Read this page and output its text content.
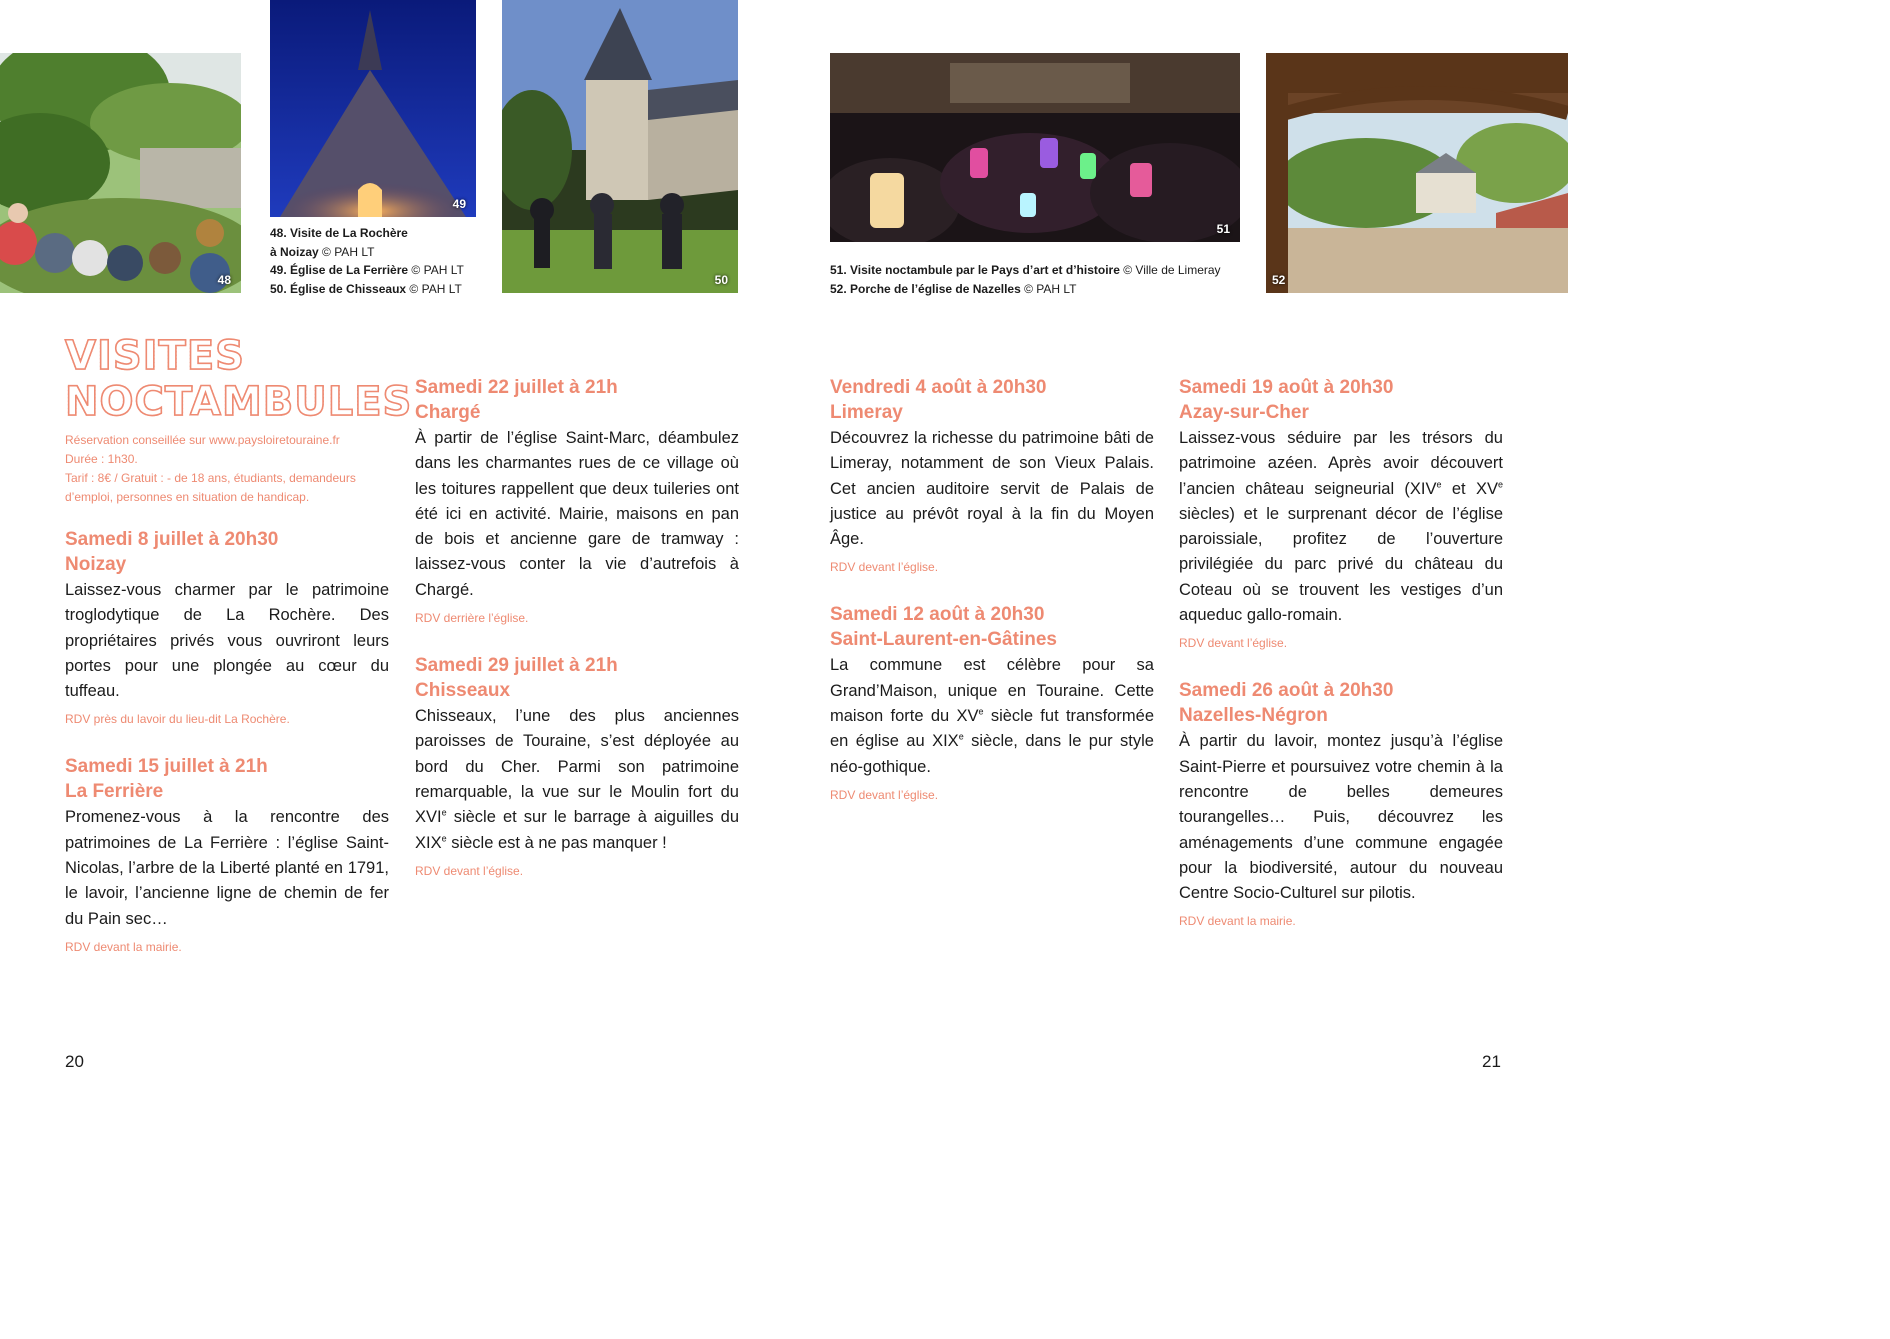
48
49
50
51
52
48. Visite de La Rochère
à Noizay © PAH LT
49. Église de La Ferrière © PAH LT
50. Église de Chisseaux © PAH LT
51. Visite noctambule par le Pays d’art et d’histoire © Ville de Limeray
52. Porche de l’église de Nazelles © PAH LT
VISITES
NOCTAMBULES
Réservation conseillée sur www.paysloiretouraine.fr
Durée : 1h30.
Tarif : 8€ / Gratuit : - de 18 ans, étudiants, demandeurs
d’emploi, personnes en situation de handicap.
Samedi 8 juillet à 20h30
Noizay
Laissez-vous charmer par le patrimoine troglodytique de La Rochère. Des propriétaires privés vous ouvriront leurs portes pour une plongée au cœur du tuffeau.
RDV près du lavoir du lieu-dit La Rochère.
Samedi 15 juillet à 21h
La Ferrière
Promenez-vous à la rencontre des patrimoines de La Ferrière : l’église Saint-Nicolas, l’arbre de la Liberté planté en 1791, le lavoir, l’ancienne ligne de chemin de fer du Pain sec…
RDV devant la mairie.
Samedi 22 juillet à 21h
Chargé
À partir de l’église Saint-Marc, déambulez dans les charmantes rues de ce village où les toitures rappellent que deux tuileries ont été ici en activité. Mairie, maisons en pan de bois et ancienne gare de tramway : laissez-vous conter la vie d’autrefois à Chargé.
RDV derrière l’église.
Samedi 29 juillet à 21h
Chisseaux
Chisseaux, l’une des plus anciennes paroisses de Touraine, s’est déployée au bord du Cher. Parmi son patrimoine remarquable, la vue sur le Moulin fort du XVIe siècle et sur le barrage à aiguilles du XIXe siècle est à ne pas manquer !
RDV devant l’église.
Vendredi 4 août à 20h30
Limeray
Découvrez la richesse du patrimoine bâti de Limeray, notamment de son Vieux Palais. Cet ancien auditoire servit de Palais de justice au prévôt royal à la fin du Moyen Âge.
RDV devant l’église.
Samedi 12 août à 20h30
Saint-Laurent-en-Gâtines
La commune est célèbre pour sa Grand’Maison, unique en Touraine. Cette maison forte du XVe siècle fut transformée en église au XIXe siècle, dans le pur style néo-gothique.
RDV devant l’église.
Samedi 19 août à 20h30
Azay-sur-Cher
Laissez-vous séduire par les trésors du patrimoine azéen. Après avoir découvert l’ancien château seigneurial (XIVe et XVe siècles) et le surprenant décor de l’église paroissiale, profitez de l’ouverture privilégiée du parc privé du château du Coteau où se trouvent les vestiges d’un aqueduc gallo-romain.
RDV devant l’église.
Samedi 26 août à 20h30
Nazelles-Négron
À partir du lavoir, montez jusqu’à l’église Saint-Pierre et poursuivez votre chemin à la rencontre de belles demeures tourangelles… Puis, découvrez les aménagements d’une commune engagée pour la biodiversité, autour du nouveau Centre Socio-Culturel sur pilotis.
RDV devant la mairie.
20	21
